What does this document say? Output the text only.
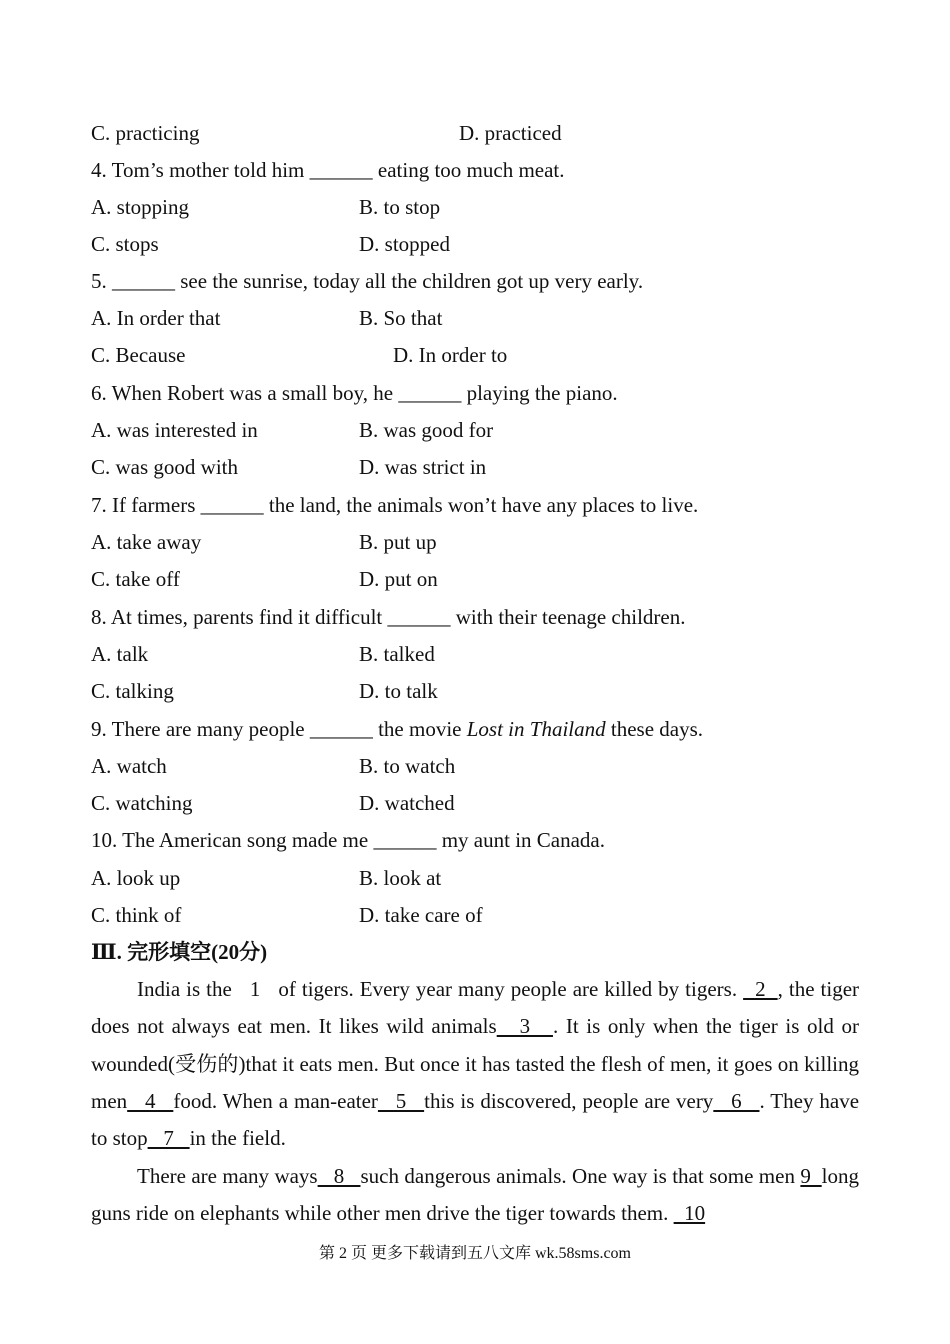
C. practicing	D. practiced
4. Tom’s mother told him ______ eating too much meat.
A. stopping	B. to stop
C. stops	D. stopped
5. ______ see the sunrise, today all the children got up very early.
A. In order that	B. So that
C. Because	D. In order to
6. When Robert was a small boy, he ______ playing the piano.
A. was interested in	B. was good for
C. was good with	D. was strict in
7. If farmers ______ the land, the animals won’t have any places to live.
A. take away	B. put up
C. take off	D. put on
8. At times, parents find it difficult ______ with their teenage children.
A. talk	B. talked
C. talking	D. to talk
9. There are many people ______ the movie Lost in Thailand these days.
A. watch	B. to watch
C. watching	D. watched
10. The American song made me ______ my aunt in Canada.
A. look up	B. look at
C. think of	D. take care of
Ⅲ. 完形填空(20分)
India is the   1   of tigers. Every year many people are killed by tigers.   2  , the tiger does not always eat men. It likes wild animals   3   . It is only when the tiger is old or wounded(受伤的)that it eats men. But once it has tasted the flesh of men, it goes on killing men   4   food. When a man-eater   5   this is discovered, people are very   6   . They have to stop   7   in the field.
There are many ways   8   such dangerous animals. One way is that some men 9  long guns ride on elephants while other men drive the tiger towards them.   10
第 2 页 更多下载请到五八文库 wk.58sms.com
